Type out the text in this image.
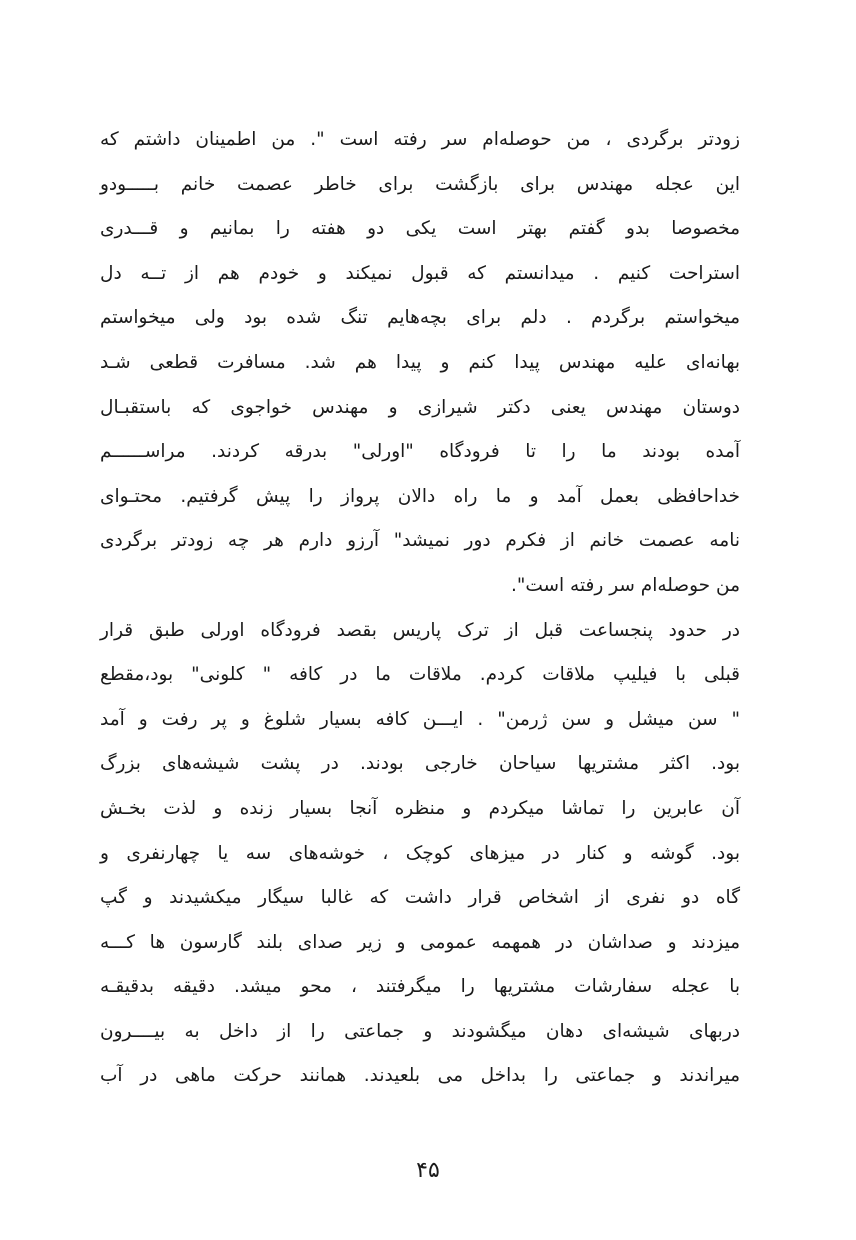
زودتر برگردی ، من حوصله‌ام سر رفته است ". من اطمینان داشتم که
این عجله مهندس برای بازگشت برای خاطر عصمت خانم بـــــودو
مخصوصا بدو گفتم بهتر است یکی دو هفته را بمانیم و قـــدری
استراحت کنیم . میدانستم که قبول نمیکند و خودم هم از تــه دل
میخواستم برگردم . دلم برای بچه‌هایم تنگ شده بود ولی میخواستم
بهانه‌ای علیه مهندس پیدا کنم و پیدا هم شد. مسافرت قطعی شـد
دوستان مهندس یعنی دکتر شیرازی و مهندس خواجوی که باستقبـال
آمده بودند ما را تا فرودگاه "اورلی" بدرقه کردند. مراســــــم
خداحافظی بعمل آمد و ما راه دالان پرواز را پیش گرفتیم. محتـوای
نامه عصمت خانم از فکرم دور نمیشد" آرزو دارم هر چه زودتر برگردی
من حوصله‌ام سر رفته است".
در حدود پنجساعت قبل از ترک پاریس بقصد فرودگاه اورلی طبق قرار
قبلی با فیلیپ ملاقات کردم. ملاقات ما در کافه " کلونی" بود،مقطع
" سن میشل و سن ژرمن" . ایـــن کافه بسیار شلوغ و پر رفت و آمد
بود. اکثر مشتریها سیاحان خارجی بودند. در پشت شیشه‌های بزرگ
آن عابرین را تماشا میکردم و منظره آنجا بسیار زنده و لذت بخـش
بود. گوشه و کنار در میزهای کوچک ، خوشه‌های سه یا چهارنفری و
گاه دو نفری از اشخاص قرار داشت که غالبا سیگار میکشیدند و گپ
میزدند و صداشان در همهمه عمومی و زیر صدای بلند گارسون ها کـــه
با عجله سفارشات مشتریها را میگرفتند ، محو میشد. دقیقه بدقیقـه
دربهای شیشه‌ای دهان میگشودند و جماعتی را از داخل به بیــــرون
میراندند و جماعتی را بداخل می بلعیدند. همانند حرکت ماهی در آب
۴۵
